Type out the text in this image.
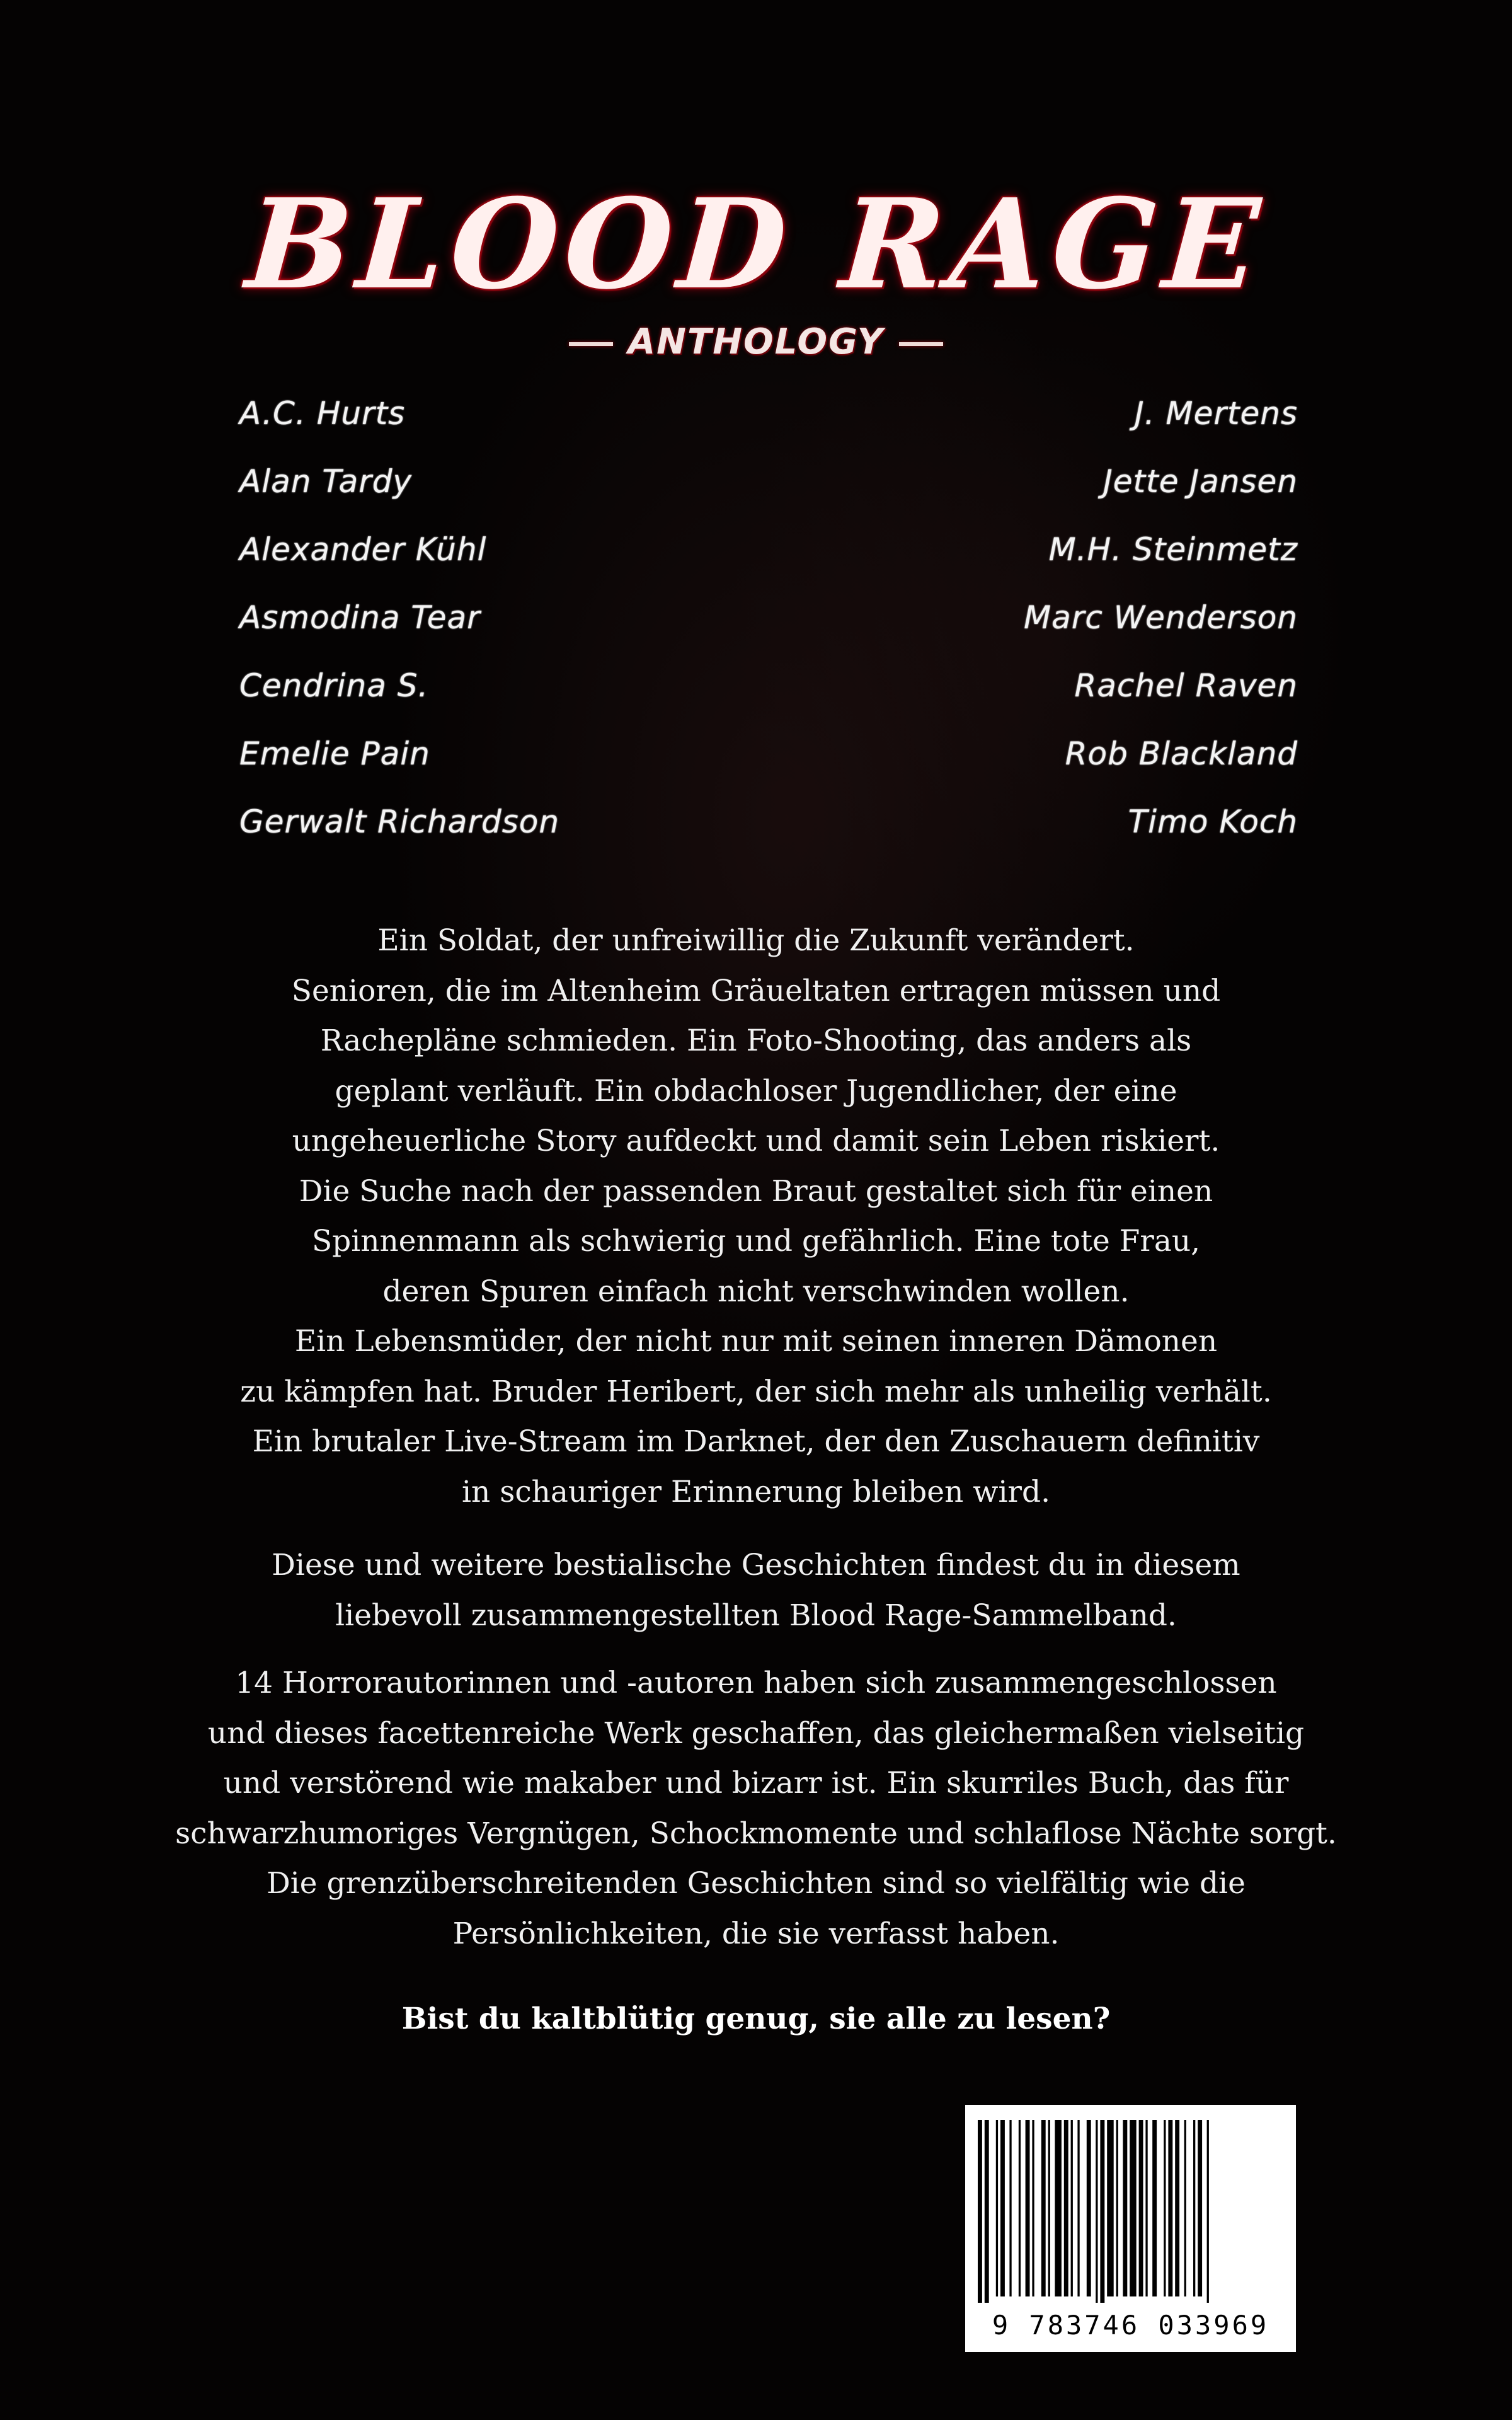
BLOOD RAGE
ANTHOLOGY
A.C. Hurts
Alan Tardy
Alexander Kühl
Asmodina Tear
Cendrina S.
Emelie Pain
Gerwalt Richardson
J. Mertens
Jette Jansen
M.H. Steinmetz
Marc Wenderson
Rachel Raven
Rob Blackland
Timo Koch

Ein Soldat, der unfreiwillig die Zukunft verändert.

Senioren, die im Altenheim Gräueltaten ertragen müssen und

Rachepläne schmieden. Ein Foto-Shooting, das anders als

geplant verläuft. Ein obdachloser Jugendlicher, der eine

ungeheuerliche Story aufdeckt und damit sein Leben riskiert.

Die Suche nach der passenden Braut gestaltet sich für einen

Spinnenmann als schwierig und gefährlich. Eine tote Frau,

deren Spuren einfach nicht verschwinden wollen.

Ein Lebensmüder, der nicht nur mit seinen inneren Dämonen

zu kämpfen hat. Bruder Heribert, der sich mehr als unheilig verhält.

Ein brutaler Live-Stream im Darknet, der den Zuschauern definitiv

in schauriger Erinnerung bleiben wird.

Diese und weitere bestialische Geschichten findest du in diesem

liebevoll zusammengestellten Blood Rage-Sammelband.

14 Horrorautorinnen und -autoren haben sich zusammengeschlossen

und dieses facettenreiche Werk geschaffen, das gleichermaßen vielseitig

und verstörend wie makaber und bizarr ist. Ein skurriles Buch, das für

schwarzhumoriges Vergnügen, Schockmomente und schlaflose Nächte sorgt.

Die grenzüberschreitenden Geschichten sind so vielfältig wie die

Persönlichkeiten, die sie verfasst haben.

Bist du kaltblütig genug, sie alle zu lesen?
9 783746 033969
